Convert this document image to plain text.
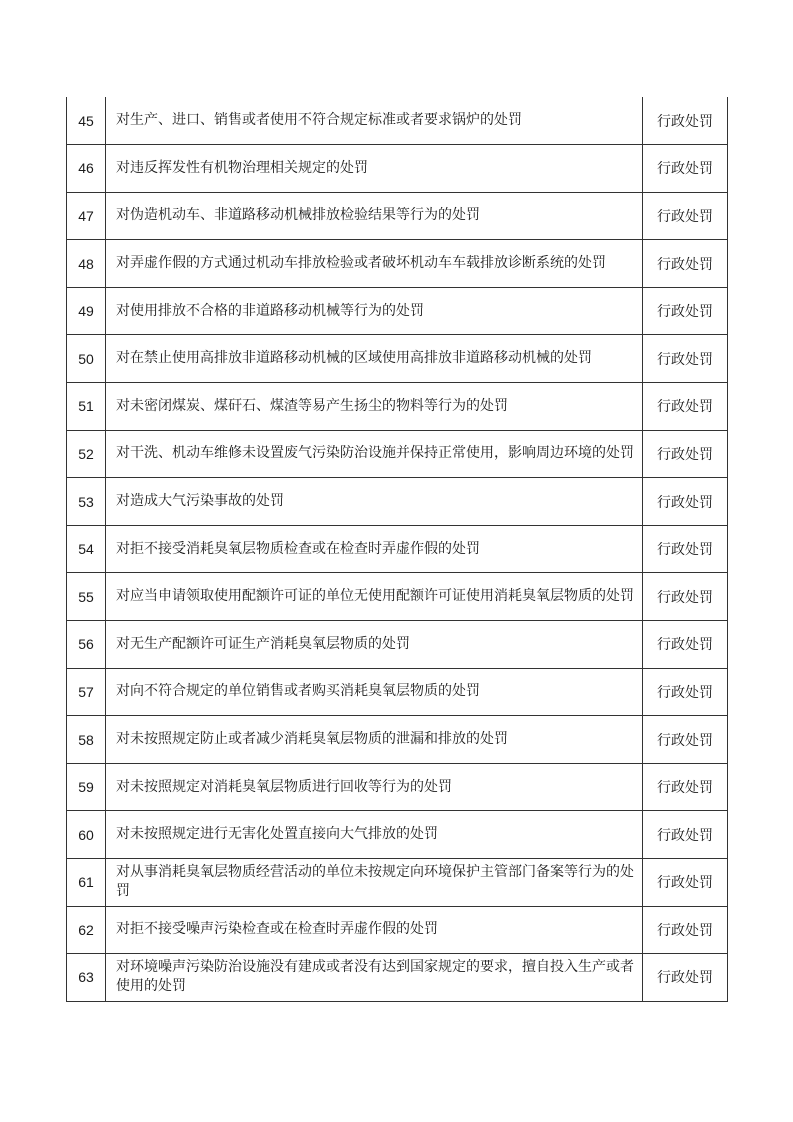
45	对生产、进口、销售或者使用不符合规定标准或者要求锅炉的处罚	行政处罚
46	对违反挥发性有机物治理相关规定的处罚	行政处罚
47	对伪造机动车、非道路移动机械排放检验结果等行为的处罚	行政处罚
48	对弄虚作假的方式通过机动车排放检验或者破坏机动车车载排放诊断系统的处罚	行政处罚
49	对使用排放不合格的非道路移动机械等行为的处罚	行政处罚
50	对在禁止使用高排放非道路移动机械的区域使用高排放非道路移动机械的处罚	行政处罚
51	对未密闭煤炭、煤矸石、煤渣等易产生扬尘的物料等行为的处罚	行政处罚
52	对干洗、机动车维修未设置废气污染防治设施并保持正常使用，影响周边环境的处罚	行政处罚
53	对造成大气污染事故的处罚	行政处罚
54	对拒不接受消耗臭氧层物质检查或在检查时弄虚作假的处罚	行政处罚
55	对应当申请领取使用配额许可证的单位无使用配额许可证使用消耗臭氧层物质的处罚	行政处罚
56	对无生产配额许可证生产消耗臭氧层物质的处罚	行政处罚
57	对向不符合规定的单位销售或者购买消耗臭氧层物质的处罚	行政处罚
58	对未按照规定防止或者减少消耗臭氧层物质的泄漏和排放的处罚	行政处罚
59	对未按照规定对消耗臭氧层物质进行回收等行为的处罚	行政处罚
60	对未按照规定进行无害化处置直接向大气排放的处罚	行政处罚
61	对从事消耗臭氧层物质经营活动的单位未按规定向环境保护主管部门备案等行为的处罚	行政处罚
62	对拒不接受噪声污染检查或在检查时弄虚作假的处罚	行政处罚
63	对环境噪声污染防治设施没有建成或者没有达到国家规定的要求，擅自投入生产或者使用的处罚	行政处罚
